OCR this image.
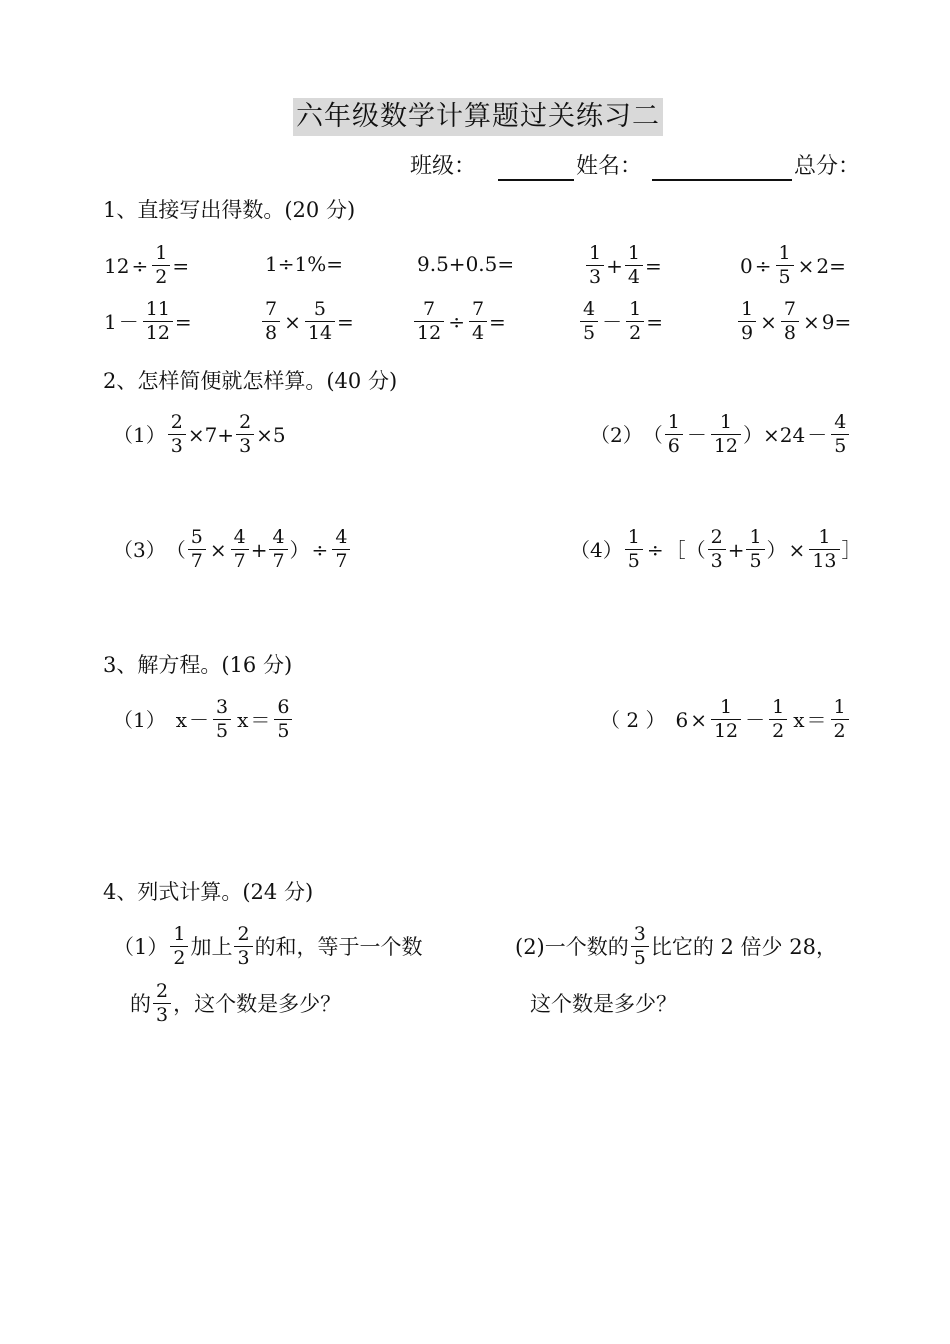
六年级数学计算题过关练习二
班级：	姓名：	总分：
1、直接写出得数。(20 分)
$12 \div \frac{1}{2}$ =	1÷1%=	9.5+0.5=	$\frac{1}{3} + \frac{1}{4}$ =	$0 \div \frac{1}{5} \times 2=$
$1 - \frac{11}{12}$ =	$\frac{7}{8} \times \frac{5}{14}$ =	$\frac{7}{12} \div \frac{7}{4}$ =	$\frac{4}{5} - \frac{1}{2}$ =	$\frac{1}{9} \times \frac{7}{8} \times 9=$
2、怎样简便就怎样算。(40 分)
$(1) \frac{2}{3} \times 7+ \frac{2}{3} \times 5$	（2） （ $\frac{1}{6} - \frac{1}{12}$ ） $\times 24 - \frac{4}{5}$
（3） （ $\frac{5}{7} \times \frac{4}{7} + \frac{4}{7}$ ） ÷ $\frac{4}{7}$	$(4) \frac{1}{5}$ ÷ ［ （ $\frac{2}{3} + \frac{1}{5}$ ） × $\frac{1}{13}$ ］
3、解方程。(16 分)
（1） $x - \frac{3}{5}$ $x = \frac{6}{5}$	（ 2 ） $6 \times \frac{1}{12} - \frac{1}{2}$ $x = \frac{1}{2}$
4、列式计算。(24 分)
$(1) \frac{1}{2}$ 加上 $\frac{2}{3}$ 的和，等于一个数
的 $\frac{2}{3}$ ，这个数是多少？
(2)一个数的 $\frac{3}{5}$ 比它的 2 倍少 28，
这个数是多少？
